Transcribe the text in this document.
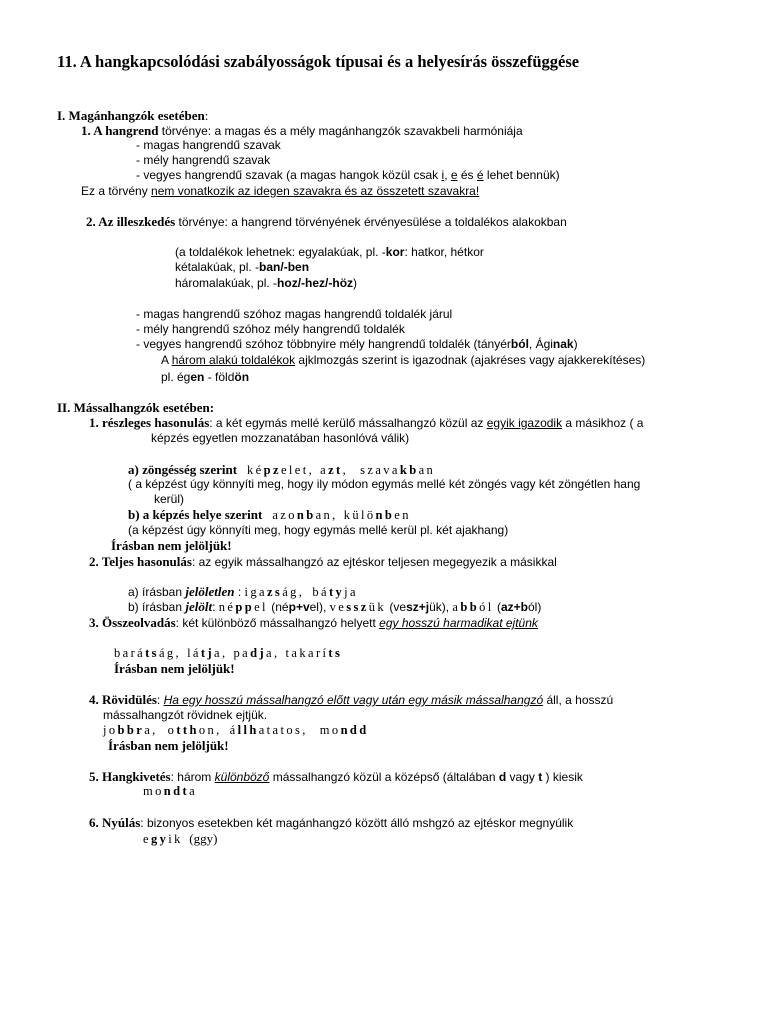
11. A hangkapcsolódási szabályosságok típusai és a helyesírás összefüggése
I. Magánhangzók esetében:
1. A hangrend törvénye: a magas és a mély magánhangzók szavakbeli harmóniája
- magas hangrendű szavak
- mély hangrendű szavak
- vegyes hangrendű szavak (a magas hangok közül csak i, e és é lehet bennük)
Ez a törvény nem vonatkozik az idegen szavakra és az összetett szavakra!
2. Az illeszkedés törvénye: a hangrend törvényének érvényesülése a toldalékos alakokban
(a toldalékok lehetnek: egyalakúak, pl. -kor: hatkor, hétkor
kétalakúak, pl. -ban/-ben
háromalakúak, pl. -hoz/-hez/-höz)
- magas hangrendű szóhoz magas hangrendű toldalék járul
- mély hangrendű szóhoz mély hangrendű toldalék
- vegyes hangrendű szóhoz többnyire mély hangrendű toldalék (tányérból, Áginak)
A három alakú toldalékok ajklmozgás szerint is igazodnak (ajakréses vagy ajakkerekítéses)
pl. égen - földön
II. Mássalhangzók esetében:
1. részleges hasonulás: a két egymás mellé kerülő mássalhangzó közül az egyik igazodik a másikhoz ( a
képzés egyetlen mozzanatában hasonlóvá válik)
a) zöngésség szerint képzelet, azt, szavakban
( a képzést úgy könnyíti meg, hogy ily módon egymás mellé két zöngés vagy két zöngétlen hang
kerül)
b) a képzés helye szerint azonban, különben
(a képzést úgy könnyíti meg, hogy egymás mellé kerül pl. két ajakhang)
Írásban nem jelöljük!
2. Teljes hasonulás: az egyik mássalhangzó az ejtéskor teljesen megegyezik a másikkal
a) írásban jelöletlen : igazság, bátyja
b) írásban jelölt: néppel (nép+vel), vesszük (vesz+jük), abból (az+ból)
3. Összeolvadás: két különböző mássalhangzó helyett egy hosszú harmadikat ejtünk
barátság, látja, padja, takaríts
Írásban nem jelöljük!
4. Rövidülés: Ha egy hosszú mássalhangzó előtt vagy után egy másik mássalhangzó áll, a hosszú
mássalhangzót rövidnek ejtjük.
jobbra, otthon, állhatatos, mondd
Írásban nem jelöljük!
5. Hangkivetés: három különböző mássalhangzó közül a középső (általában d vagy t ) kiesik
mondta
6. Nyúlás: bizonyos esetekben két magánhangzó között álló mshgzó az ejtéskor megnyúlik
egyik  (ggy)
